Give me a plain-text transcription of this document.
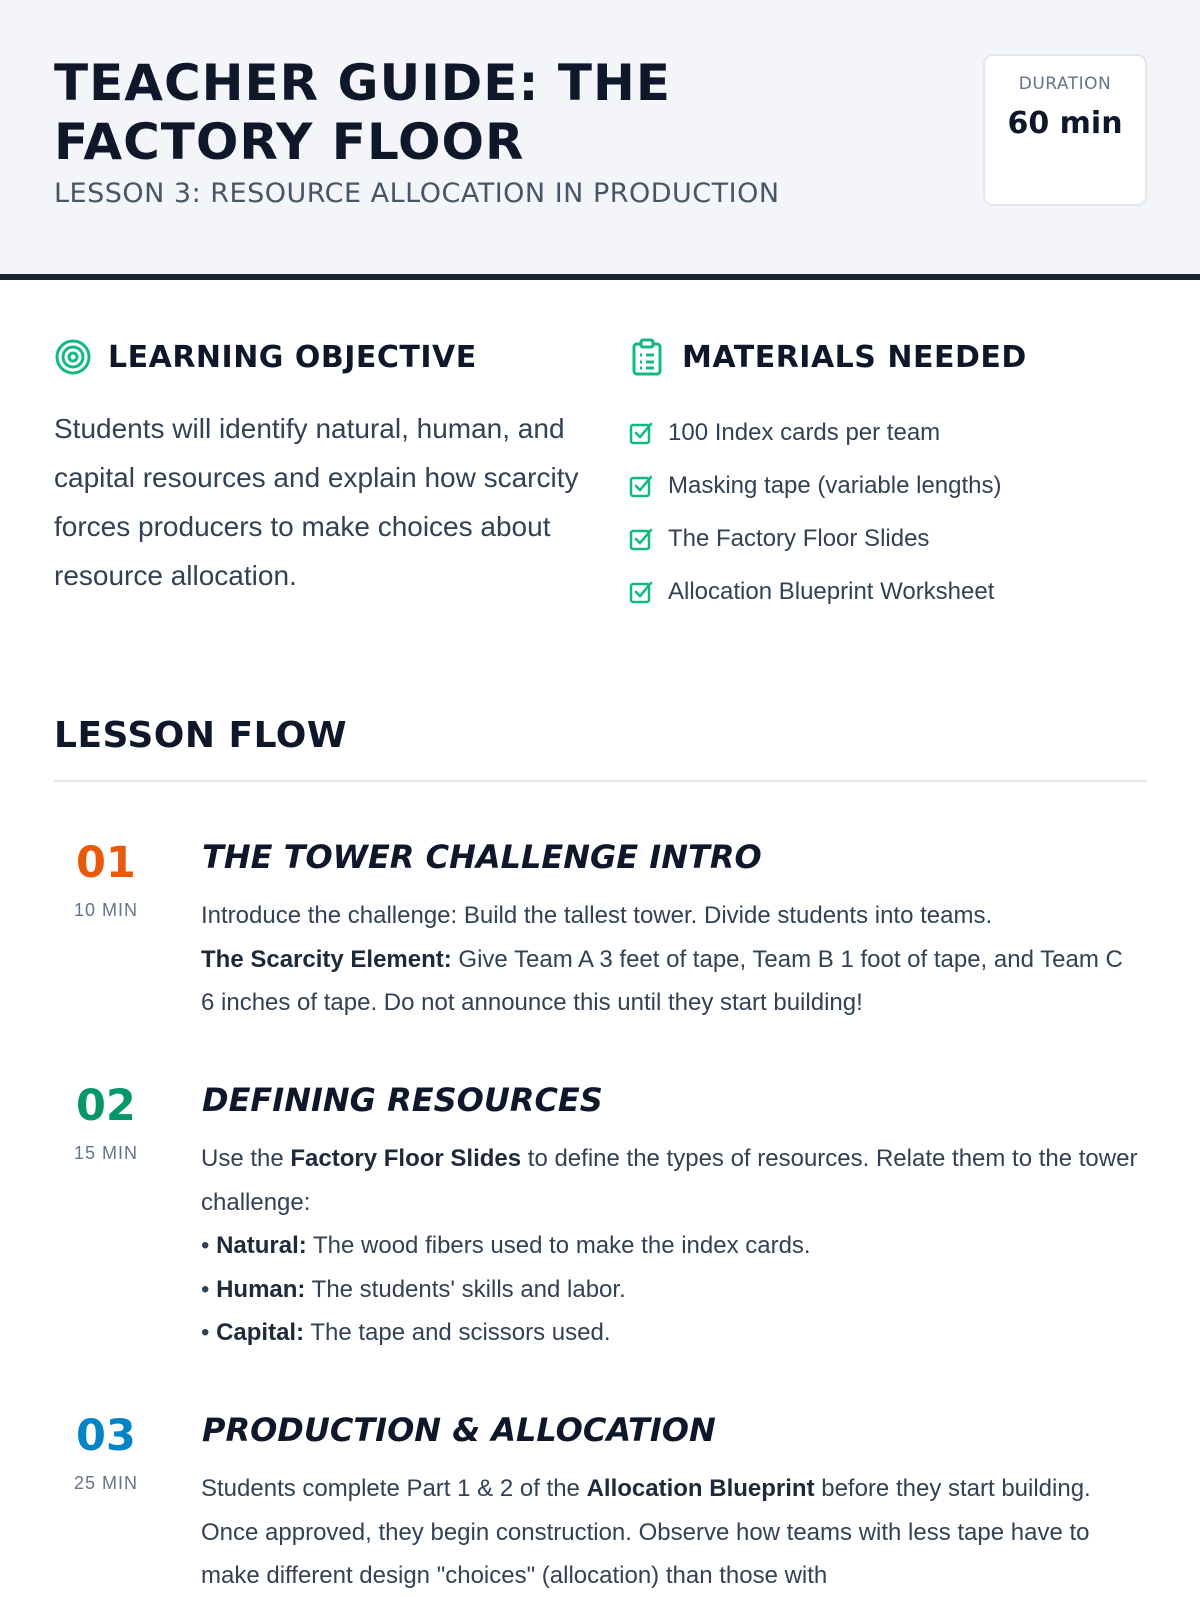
TEACHER GUIDE: THE FACTORY FLOOR
LESSON 3: RESOURCE ALLOCATION IN PRODUCTION
DURATION
60 min
LEARNING OBJECTIVE

Students will identify natural, human, and capital resources and explain how scarcity forces producers to make choices about resource allocation.

MATERIALS NEEDED
100 Index cards per team
Masking tape (variable lengths)
The Factory Floor Slides
Allocation Blueprint Worksheet
LESSON FLOW
01
10 MIN
THE TOWER CHALLENGE INTRO
Introduce the challenge: Build the tallest tower. Divide students into teams.
The Scarcity Element: Give Team A 3 feet of tape, Team B 1 foot of tape, and Team C 6 inches of tape. Do not announce this until they start building!
02
15 MIN
DEFINING RESOURCES
Use the Factory Floor Slides to define the types of resources. Relate them to the tower challenge:
• Natural: The wood fibers used to make the index cards.
• Human: The students' skills and labor.
• Capital: The tape and scissors used.
03
25 MIN
PRODUCTION & ALLOCATION
Students complete Part 1 & 2 of the Allocation Blueprint before they start building. Once approved, they begin construction. Observe how teams with less tape have to make different design "choices" (allocation) than those with
